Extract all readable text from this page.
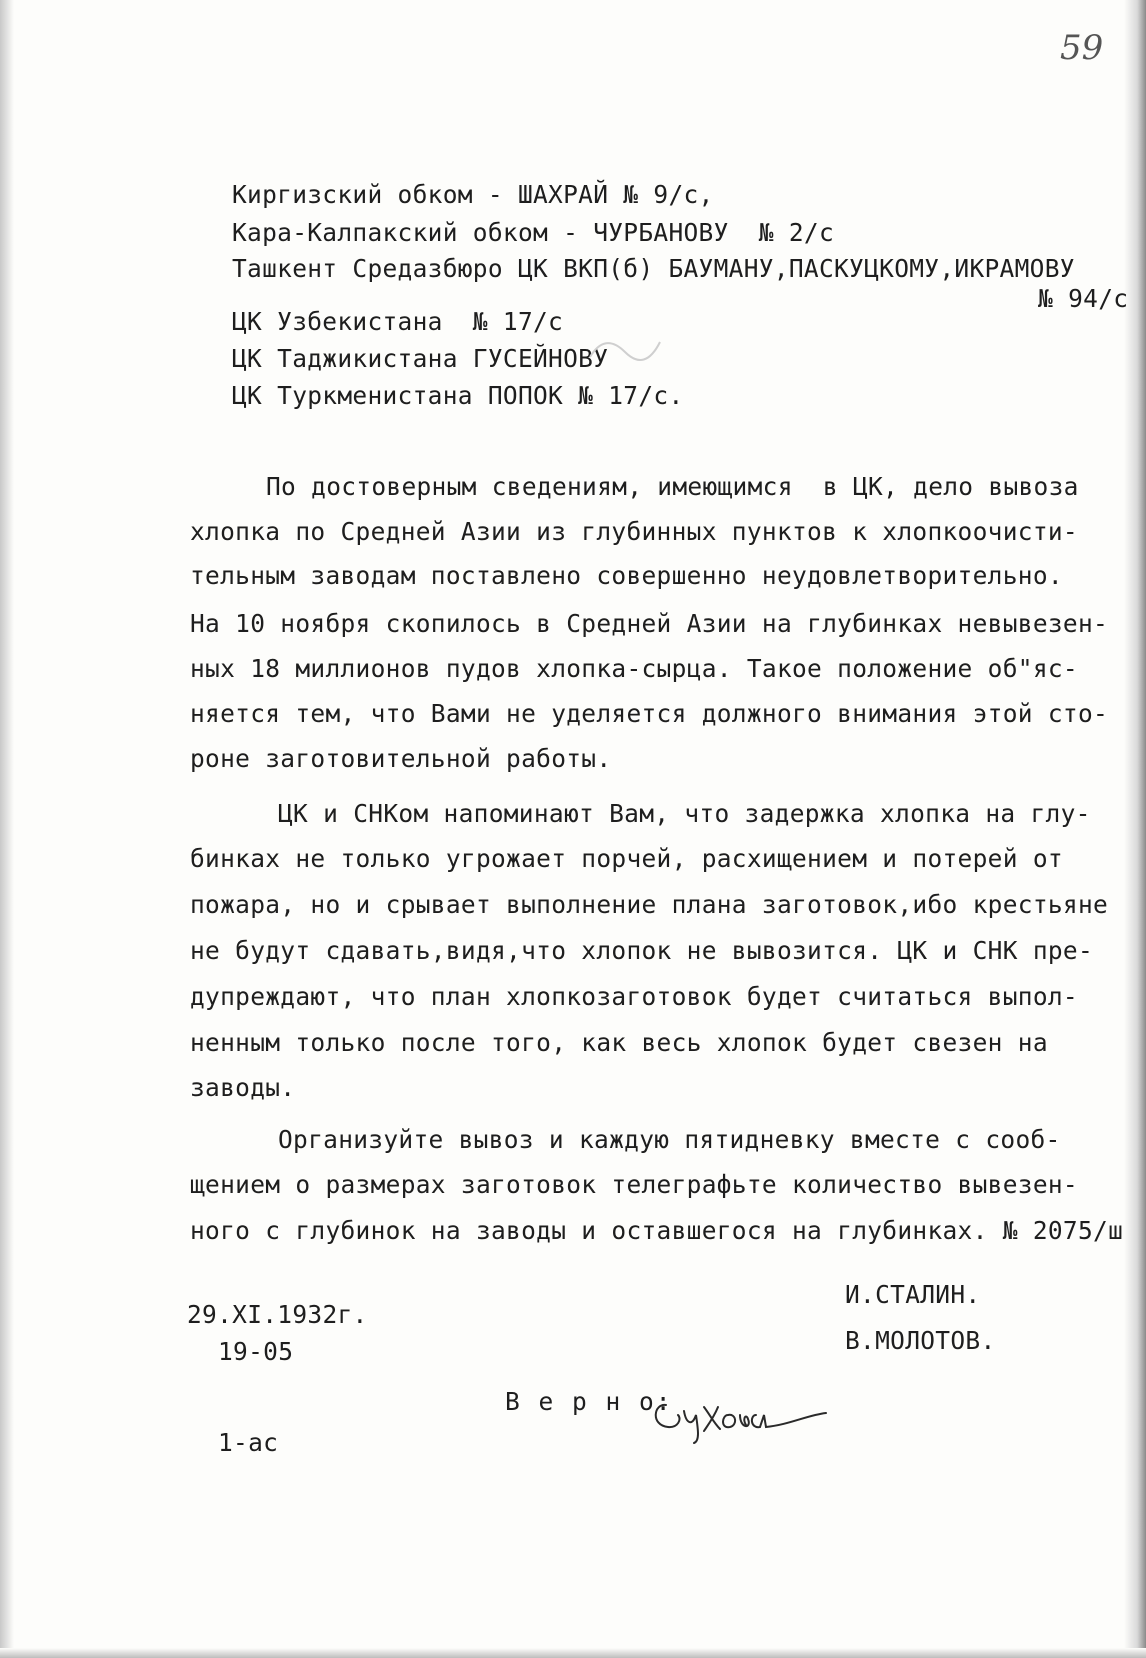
59
Киргизский обком - ШАХРАЙ № 9/с,
Кара-Калпакский обком - ЧУРБАНОВУ  № 2/с
Ташкент Средазбюро ЦК ВКП(б) БАУМАНУ,ПАСКУЦКОМУ,ИКРАМОВУ
№ 94/с
ЦК Узбекистана  № 17/с
ЦК Таджикистана ГУСЕЙНОВУ
ЦК Туркменистана ПОПОК № 17/с.
По достоверным сведениям, имеющимся  в ЦК, дело вывоза
хлопка по Средней Азии из глубинных пунктов к хлопкоочисти-
тельным заводам поставлено совершенно неудовлетворительно.
На 10 ноября скопилось в Средней Азии на глубинках невывезен-
ных 18 миллионов пудов хлопка-сырца. Такое положение об"яс-
няется тем, что Вами не уделяется должного внимания этой сто-
роне заготовительной работы.
ЦК и СНКом напоминают Вам, что задержка хлопка на глу-
бинках не только угрожает порчей, расхищением и потерей от
пожара, но и срывает выполнение плана заготовок,ибо крестьяне
не будут сдавать,видя,что хлопок не вывозится. ЦК и СНК пре-
дупреждают, что план хлопкозаготовок будет считаться выпол-
ненным только после того, как весь хлопок будет свезен на
заводы.
Организуйте вывоз и каждую пятидневку вместе с сооб-
щением о размерах заготовок телеграфьте количество вывезен-
ного с глубинок на заводы и оставшегося на глубинках. № 2075/ш
И.СТАЛИН.
В.МОЛОТОВ.
29.XI.1932г.
19-05
В е р н о:
1-ас
